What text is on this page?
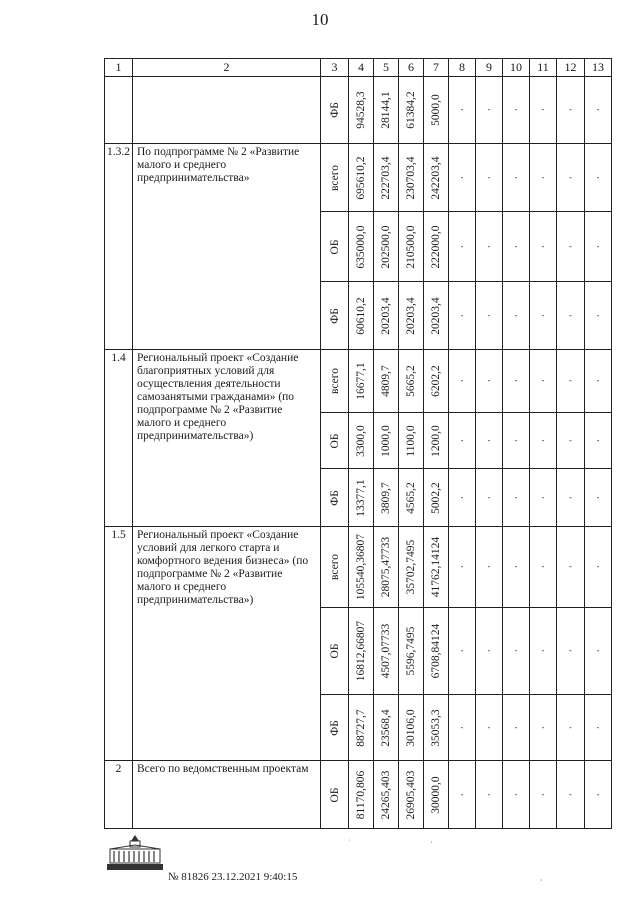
10
1	2	3	4	5	6	7	8	9	10	11	12	13

		ФБ	94528,3	28144,1	61384,2	5000,0	-	-	-	-	-	-

1.3.2	По подпрограмме № 2 «Развитие малого и среднего предпринимательства»	всего	695610,2	222703,4	230703,4	242203,4	-	-	-	-	-	-

		ОБ	635000,0	202500,0	210500,0	222000,0	-	-	-	-	-	-

		ФБ	60610,2	20203,4	20203,4	20203,4	-	-	-	-	-	-

1.4	Региональный проект «Создание благоприятных условий для осуществления деятельности самозанятыми гражданами» (по подпрограмме № 2 «Развитие малого и среднего предпринимательства»)	всего	16677,1	4809,7	5665,2	6202,2	-	-	-	-	-	-

		ОБ	3300,0	1000,0	1100,0	1200,0	-	-	-	-	-	-

		ФБ	13377,1	3809,7	4565,2	5002,2	-	-	-	-	-	-

1.5	Региональный проект «Создание условий для легкого старта и комфортного ведения бизнеса» (по подпрограмме № 2 «Развитие малого и среднего предпринимательства»)	всего	105540,36807	28075,47733	35702,7495	41762,14124	-	-	-	-	-	-

		ОБ	16812,66807	4507,07733	5596,7495	6708,84124	-	-	-	-	-	-

		ФБ	88727,7	23568,4	30106,0	35053,3	-	-	-	-	-	-

2	Всего по ведомственным проектам	ОБ	81170,806	24265,403	26905,403	30000,0	-	-	-	-	-	-
№ 81826 23.12.2021 9:40:15
˙	·
·
